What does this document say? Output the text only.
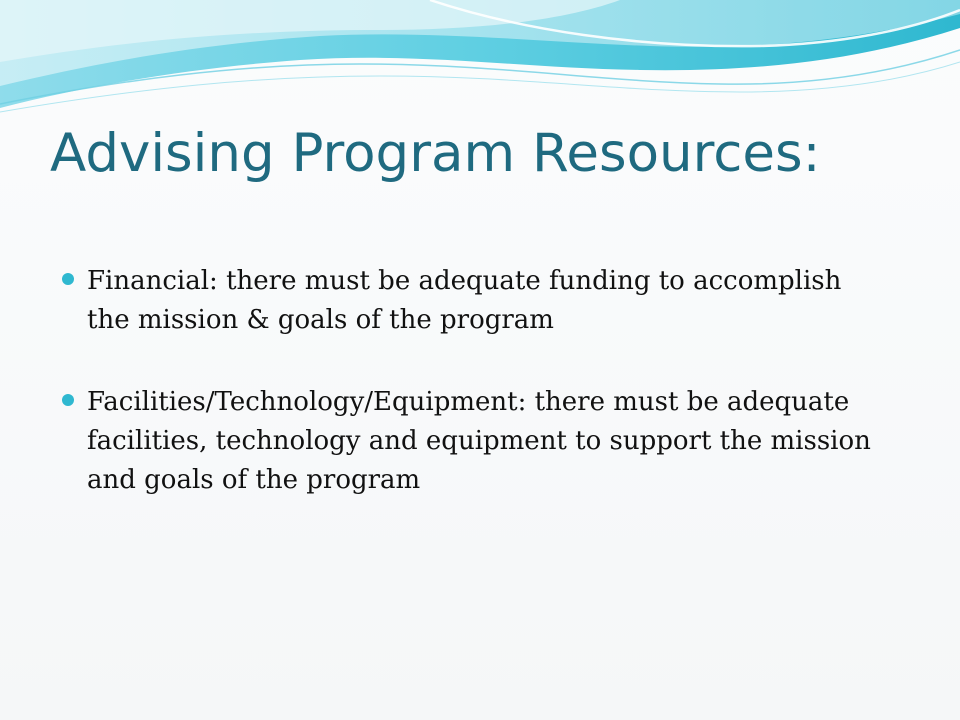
Advising Program Resources:
Financial: there must be adequate funding to accomplish the mission & goals of the program
Facilities/Technology/Equipment: there must be adequate facilities, technology and equipment to support the mission and goals of the program
